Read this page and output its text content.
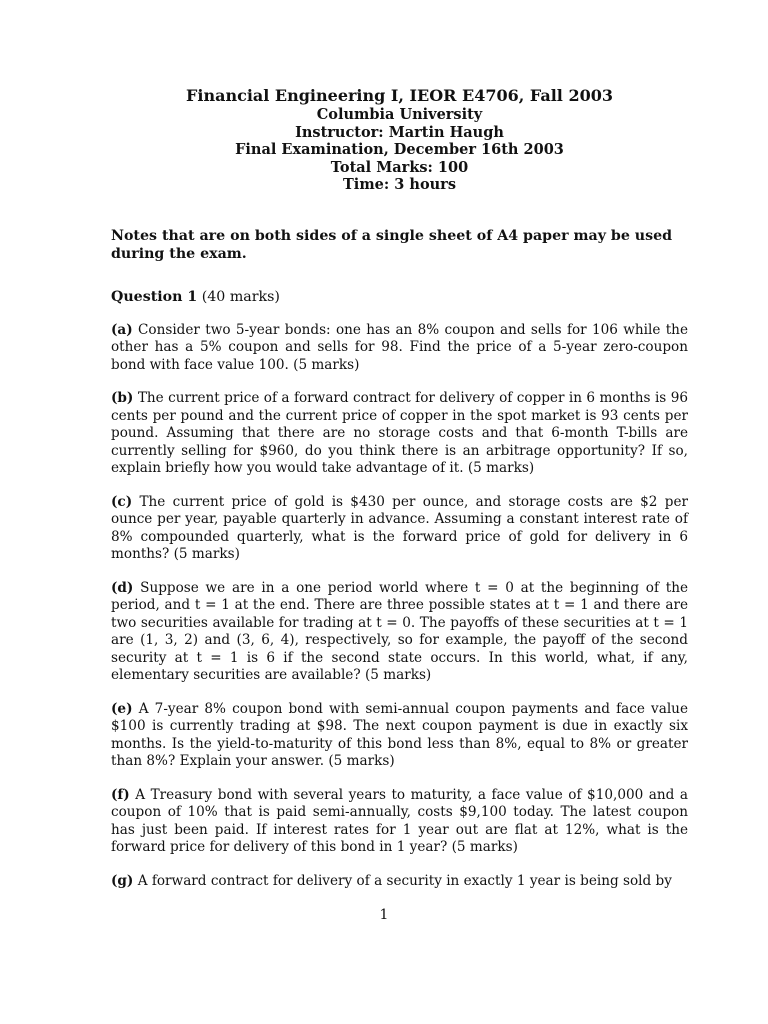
Financial Engineering I, IEOR E4706, Fall 2003
Columbia University
Instructor: Martin Haugh
Final Examination, December 16th 2003
Total Marks: 100
Time: 3 hours
Notes that are on both sides of a single sheet of A4 paper may be used during the exam.
Question 1 (40 marks)
(a) Consider two 5-year bonds: one has an 8% coupon and sells for 106 while the other has a 5% coupon and sells for 98. Find the price of a 5-year zero-coupon bond with face value 100. (5 marks)
(b) The current price of a forward contract for delivery of copper in 6 months is 96 cents per pound and the current price of copper in the spot market is 93 cents per pound. Assuming that there are no storage costs and that 6-month T-bills are currently selling for $960, do you think there is an arbitrage opportunity? If so, explain briefly how you would take advantage of it. (5 marks)
(c) The current price of gold is $430 per ounce, and storage costs are $2 per ounce per year, payable quarterly in advance. Assuming a constant interest rate of 8% compounded quarterly, what is the forward price of gold for delivery in 6 months? (5 marks)
(d) Suppose we are in a one period world where t = 0 at the beginning of the period, and t = 1 at the end. There are three possible states at t = 1 and there are two securities available for trading at t = 0. The payoffs of these securities at t = 1 are (1, 3, 2) and (3, 6, 4), respectively, so for example, the payoff of the second security at t = 1 is 6 if the second state occurs. In this world, what, if any, elementary securities are available? (5 marks)
(e) A 7-year 8% coupon bond with semi-annual coupon payments and face value $100 is currently trading at $98. The next coupon payment is due in exactly six months. Is the yield-to-maturity of this bond less than 8%, equal to 8% or greater than 8%? Explain your answer. (5 marks)
(f) A Treasury bond with several years to maturity, a face value of $10,000 and a coupon of 10% that is paid semi-annually, costs $9,100 today. The latest coupon has just been paid. If interest rates for 1 year out are flat at 12%, what is the forward price for delivery of this bond in 1 year? (5 marks)
(g) A forward contract for delivery of a security in exactly 1 year is being sold by
1
